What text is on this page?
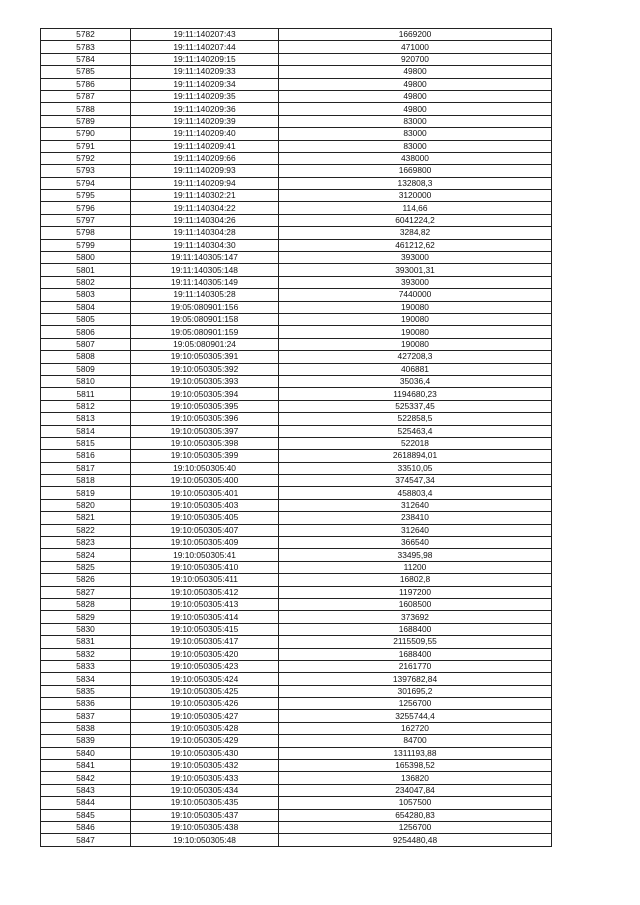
5782	19:11:140207:43	1669200
5783	19:11:140207:44	471000
5784	19:11:140209:15	920700
5785	19:11:140209:33	49800
5786	19:11:140209:34	49800
5787	19:11:140209:35	49800
5788	19:11:140209:36	49800
5789	19:11:140209:39	83000
5790	19:11:140209:40	83000
5791	19:11:140209:41	83000
5792	19:11:140209:66	438000
5793	19:11:140209:93	1669800
5794	19:11:140209:94	132808,3
5795	19:11:140302:21	3120000
5796	19:11:140304:22	114,66
5797	19:11:140304:26	6041224,2
5798	19:11:140304:28	3284,82
5799	19:11:140304:30	461212,62
5800	19:11:140305:147	393000
5801	19:11:140305:148	393001,31
5802	19:11:140305:149	393000
5803	19:11:140305:28	7440000
5804	19:05:080901:156	190080
5805	19:05:080901:158	190080
5806	19:05:080901:159	190080
5807	19:05:080901:24	190080
5808	19:10:050305:391	427208,3
5809	19:10:050305:392	406881
5810	19:10:050305:393	35036,4
5811	19:10:050305:394	1194680,23
5812	19:10:050305:395	525337,45
5813	19:10:050305:396	522858,5
5814	19:10:050305:397	525463,4
5815	19:10:050305:398	522018
5816	19:10:050305:399	2618894,01
5817	19:10:050305:40	33510,05
5818	19:10:050305:400	374547,34
5819	19:10:050305:401	458803,4
5820	19:10:050305:403	312640
5821	19:10:050305:405	238410
5822	19:10:050305:407	312640
5823	19:10:050305:409	366540
5824	19:10:050305:41	33495,98
5825	19:10:050305:410	11200
5826	19:10:050305:411	16802,8
5827	19:10:050305:412	1197200
5828	19:10:050305:413	1608500
5829	19:10:050305:414	373692
5830	19:10:050305:415	1688400
5831	19:10:050305:417	2115509,55
5832	19:10:050305:420	1688400
5833	19:10:050305:423	2161770
5834	19:10:050305:424	1397682,84
5835	19:10:050305:425	301695,2
5836	19:10:050305:426	1256700
5837	19:10:050305:427	3255744,4
5838	19:10:050305:428	162720
5839	19:10:050305:429	84700
5840	19:10:050305:430	1311193,88
5841	19:10:050305:432	165398,52
5842	19:10:050305:433	136820
5843	19:10:050305:434	234047,84
5844	19:10:050305:435	1057500
5845	19:10:050305:437	654280,83
5846	19:10:050305:438	1256700
5847	19:10:050305:48	9254480,48
